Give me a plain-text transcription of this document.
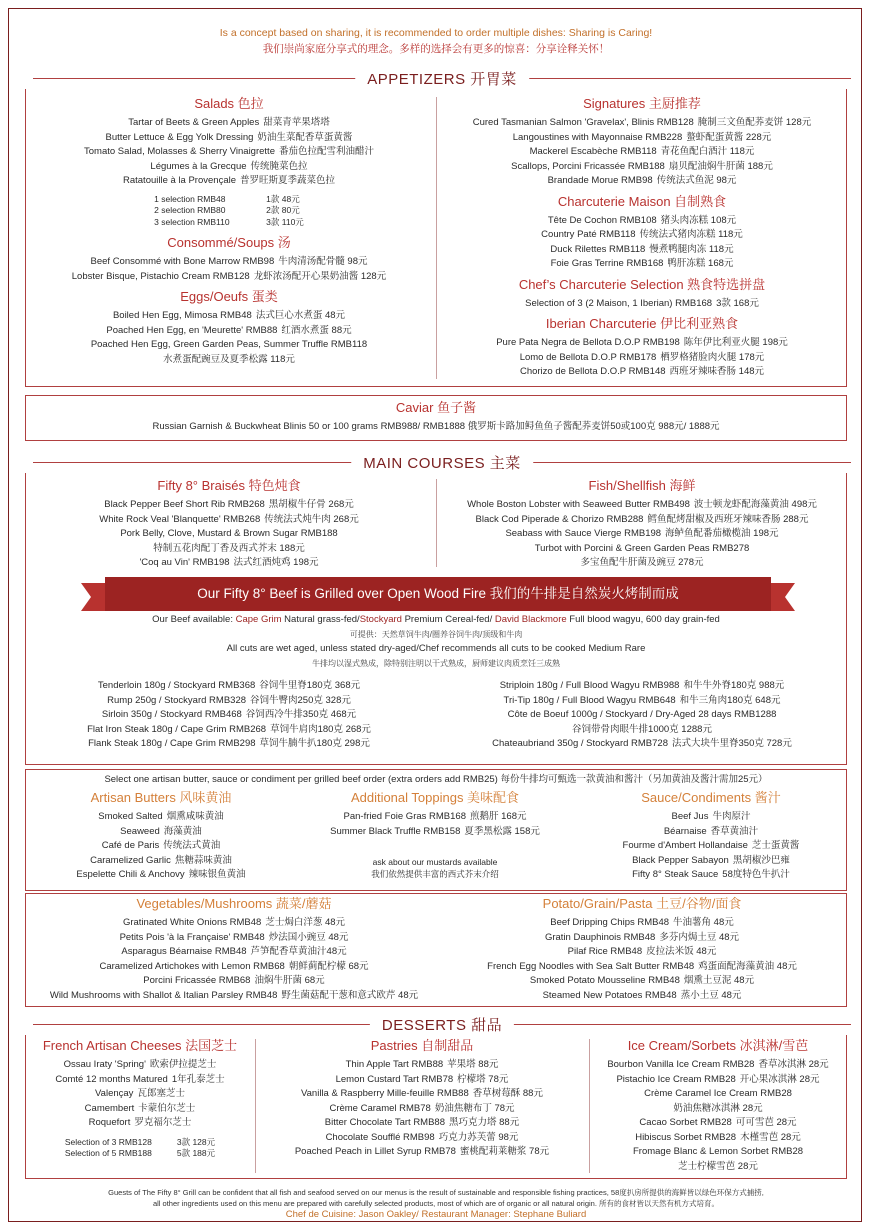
Is a concept based on sharing, it is recommended to order multiple dishes: Sharing is Caring!
我们崇尚家庭分享式的理念。多样的选择会有更多的惊喜：分享诠释关怀！
APPETIZERS 开胃菜
Salads 色拉
Tartar of Beets & Green Apples 甜菜青苹果塔塔
Butter Lettuce & Egg Yolk Dressing 奶油生菜配香草蛋黄酱
Tomato Salad, Molasses & Sherry Vinaigrette 番茄色拉配雪利油醋汁
Légumes à la Grecque 传统腌菜色拉
Ratatouille à la Provençale 普罗旺斯夏季蔬菜色拉
1 selection RMB48	1款 48元
2 selection RMB80	2款 80元
3 selection RMB110	3款 110元
Consommé/Soups 汤
Beef Consommé with Bone Marrow RMB98 牛肉清汤配骨髓 98元
Lobster Bisque, Pistachio Cream RMB128 龙虾浓汤配开心果奶油酱 128元
Eggs/Oeufs 蛋类
Boiled Hen Egg, Mimosa RMB48 法式巨心水煮蛋 48元
Poached Hen Egg, en 'Meurette' RMB88 红酒水煮蛋 88元
Poached Hen Egg, Green Garden Peas, Summer Truffle RMB118
水煮蛋配豌豆及夏季松露 118元
Signatures 主厨推荐
Cured Tasmanian Salmon 'Gravelax', Blinis RMB128 腌制三文鱼配荞麦饼 128元
Langoustines with Mayonnaise RMB228 螯虾配蛋黄酱 228元
Mackerel Escabèche RMB118 青花鱼配白酒汁 118元
Scallops, Porcini Fricassée RMB188 扇贝配油焖牛肝菌 188元
Brandade Morue RMB98 传统法式鱼泥 98元
Charcuterie Maison 自制熟食
Tête De Cochon RMB108 猪头肉冻糕 108元
Country Paté RMB118 传统法式猪肉冻糕 118元
Duck Rilettes RMB118 慢煮鸭腿肉冻 118元
Foie Gras Terrine RMB168 鸭肝冻糕 168元
Chef’s Charcuterie Selection 熟食特选拼盘
Selection of 3 (2 Maison, 1 Iberian) RMB168 3款 168元
Iberian Charcuterie 伊比利亚熟食
Pure Pata Negra de Bellota D.O.P RMB198 陈年伊比利亚火腿 198元
Lomo de Bellota D.O.P RMB178 栖罗格猪脸肉火腿 178元
Chorizo de Bellota D.O.P RMB148 西班牙辣味香肠 148元
Caviar 鱼子酱
Russian Garnish & Buckwheat Blinis 50 or 100 grams RMB988/ RMB1888 俄罗斯卡路加鲟鱼鱼子酱配荞麦饼50或100克 988元/ 1888元
MAIN COURSES 主菜
Fifty 8° Braisés 特色炖食
Black Pepper Beef Short Rib RMB268 黑胡椒牛仔骨 268元
White Rock Veal 'Blanquette' RMB268 传统法式炖牛肉 268元
Pork Belly, Clove, Mustard & Brown Sugar RMB188
特制五花肉配丁香及西式芥末 188元
'Coq au Vin' RMB198 法式红酒炖鸡 198元
Fish/Shellfish 海鲜
Whole Boston Lobster with Seaweed Butter RMB498 波士顿龙虾配海藻黄油 498元
Black Cod Piperade & Chorizo RMB288 鳕鱼配烤甜椒及西班牙辣味香肠 288元
Seabass with Sauce Vierge RMB198 海鲈鱼配番茄橄榄油 198元
Turbot with Porcini & Green Garden Peas RMB278
多宝鱼配牛肝菌及豌豆 278元
Our Fifty 8° Beef is Grilled over Open Wood Fire 我们的牛排是自然炭火烤制而成
Our Beef available: Cape Grim Natural grass-fed/Stockyard Premium Cereal-fed/ David Blackmore Full blood wagyu, 600 day grain-fed
可提供：天然草饲牛肉/圈养谷饲牛肉/顶级和牛肉
All cuts are wet aged, unless stated dry-aged/Chef recommends all cuts to be cooked Medium Rare
牛排均以湿式熟成，除特别注明以干式熟成，厨师建议肉质烹饪三成熟
Tenderloin 180g / Stockyard RMB368 谷饲牛里脊180克 368元
Rump 250g / Stockyard RMB328 谷饲牛臀肉250克 328元
Sirloin 350g / Stockyard RMB468 谷饲西冷牛排350克 468元
Flat Iron Steak 180g / Cape Grim RMB268 草饲牛肩肉180克 268元
Flank Steak 180g / Cape Grim RMB298 草饲牛腩牛扒180克 298元
Striploin 180g / Full Blood Wagyu RMB988 和牛牛外脊180克 988元
Tri-Tip 180g / Full Blood Wagyu RMB648 和牛三角肉180克 648元
Côte de Boeuf 1000g / Stockyard / Dry-Aged 28 days RMB1288
谷饲带骨肉眼牛排1000克 1288元
Chateaubriand 350g / Stockyard RMB728 法式大块牛里脊350克 728元
Select one artisan butter, sauce or condiment per grilled beef order (extra orders add RMB25) 每份牛排均可甄选一款黄油和酱汁（另加黄油及酱汁需加25元）
Artisan Butters 风味黄油
Smoked Salted 烟熏咸味黄油
Seaweed 海藻黄油
Café de Paris 传统法式黄油
Caramelized Garlic 焦糖蒜味黄油
Espelette Chili & Anchovy 辣味银鱼黄油
Additional Toppings 美味配食
Pan-fried Foie Gras RMB168 煎鹅肝 168元
Summer Black Truffle RMB158 夏季黑松露 158元
ask about our mustards available
我们依然提供丰富的西式芥末介绍
Sauce/Condiments 酱汁
Beef Jus 牛肉原汁
Béarnaise 香草黄油汁
Fourme d'Ambert Hollandaise 芝士蛋黄酱
Black Pepper Sabayon 黑胡椒沙巴雍
Fifty 8° Steak Sauce 58度特色牛扒汁
Vegetables/Mushrooms 蔬菜/蘑菇
Gratinated White Onions RMB48 芝士焗白洋葱 48元
Petits Pois 'à la Française' RMB48 炒法国小豌豆 48元
Asparagus Béarnaise RMB48 芦笋配香草黄油汁48元
Caramelized Artichokes with Lemon RMB68 朝鲜蓟配柠檬 68元
Porcini Fricassée RMB68 油焖牛肝菌 68元
Wild Mushrooms with Shallot & Italian Parsley RMB48 野生菌菇配干葱和意式欧芹 48元
Potato/Grain/Pasta 土豆/谷物/面食
Beef Dripping Chips RMB48 牛油薯角 48元
Gratin Dauphinois RMB48 多芬内焗土豆 48元
Pilaf Rice RMB48 皮拉法米饭 48元
French Egg Noodles with Sea Salt Butter RMB48 鸡蛋面配海藻黄油 48元
Smoked Potato Mousseline RMB48 烟熏土豆泥 48元
Steamed New Potatoes RMB48 蒸小土豆 48元
DESSERTS 甜品
French Artisan Cheeses 法国芝士
Ossau Iraty 'Spring' 欧索伊拉提芝士
Comté 12 months Matured 1年孔泰芝士
Valençay 瓦郎塞芝士
Camembert 卡蒙伯尔芝士
Roquefort 罗克福尔芝士
Selection of 3 RMB128	3款 128元
Selection of 5 RMB188	5款 188元
Pastries 自制甜品
Thin Apple Tart RMB88 苹果塔 88元
Lemon Custard Tart RMB78 柠檬塔 78元
Vanilla & Raspberry Mille-feuille RMB88 香草树莓酥 88元
Crème Caramel RMB78 奶油焦糖布丁 78元
Bitter Chocolate Tart RMB88 黑巧克力塔 88元
Chocolate Soufflé RMB98 巧克力苏芙蕾 98元
Poached Peach in Lillet Syrup RMB78 蜜桃配莉莱糖浆 78元
Ice Cream/Sorbets 冰淇淋/雪芭
Bourbon Vanilla Ice Cream RMB28 香草冰淇淋 28元
Pistachio Ice Cream RMB28 开心果冰淇淋 28元
Crème Caramel Ice Cream RMB28
奶油焦糖冰淇淋 28元
Cacao Sorbet RMB28 可可雪芭 28元
Hibiscus Sorbet RMB28 木槿雪芭 28元
Fromage Blanc & Lemon Sorbet RMB28
芝士柠檬雪芭 28元
Guests of The Fifty 8° Grill can be confident that all fish and seafood served on our menus is the result of sustainable and responsible fishing practices, 58度扒房所提供的海鲜皆以绿色环保方式捕捞,
all other ingredients used on this menu are prepared with carefully selected products, most of which are of organic or all natural origin. 所有的食材皆以天然有机方式培育。
Chef de Cuisine: Jason Oakley/ Restaurant Manager: Stephane Buliard
